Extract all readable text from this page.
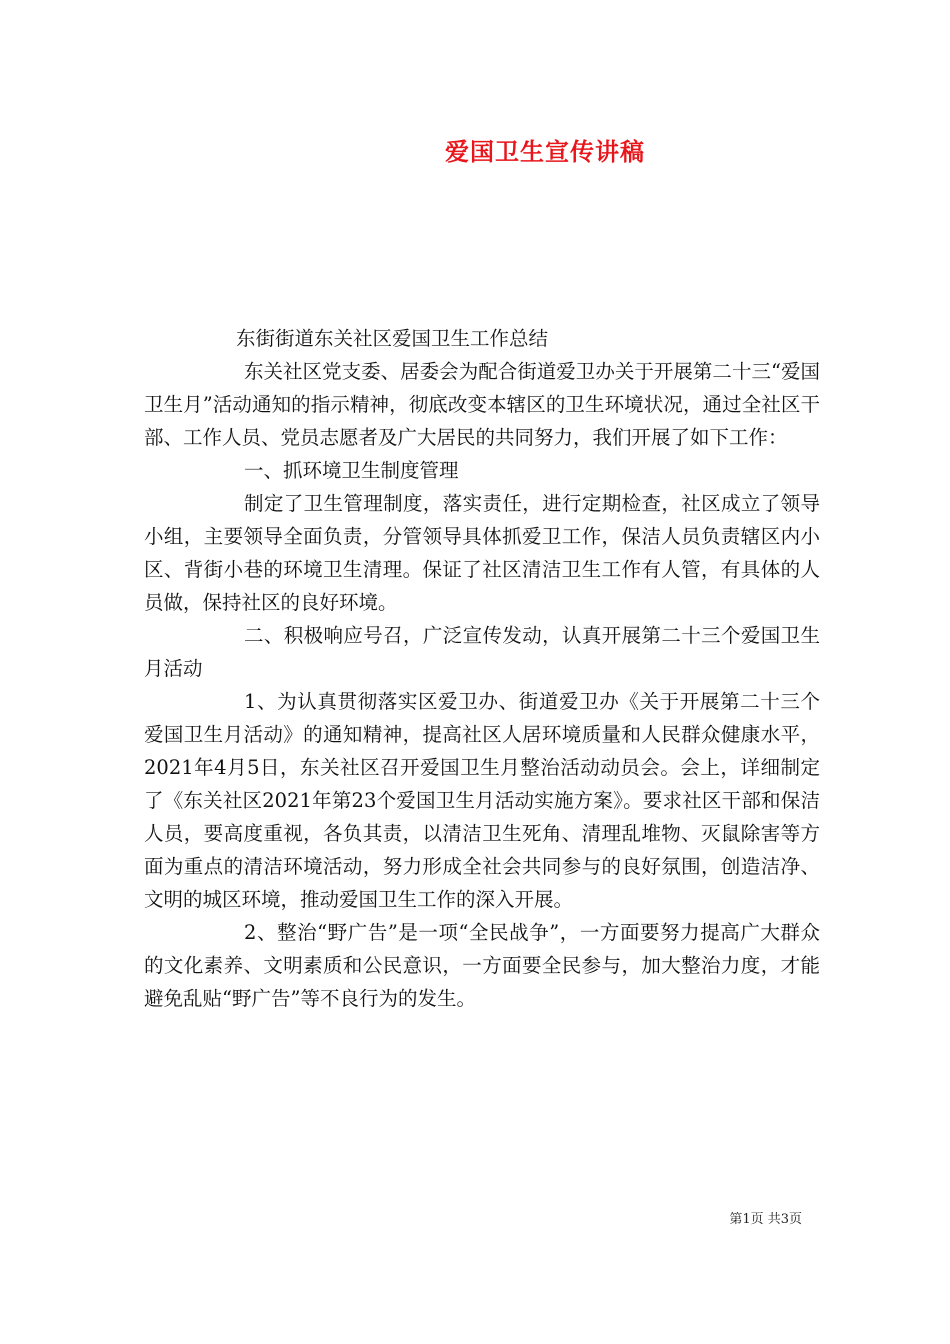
爱国卫生宣传讲稿

东街街道东关社区爱国卫生工作总结

东关社区党支委、居委会为配合街道爱卫办关于开展第二十三“爱国卫生月”活动通知的指示精神，彻底改变本辖区的卫生环境状况，通过全社区干部、工作人员、党员志愿者及广大居民的共同努力，我们开展了如下工作：

一、抓环境卫生制度管理

制定了卫生管理制度，落实责任，进行定期检查，社区成立了领导小组，主要领导全面负责，分管领导具体抓爱卫工作，保洁人员负责辖区内小区、背街小巷的环境卫生清理。保证了社区清洁卫生工作有人管，有具体的人员做，保持社区的良好环境。

二、积极响应号召，广泛宣传发动，认真开展第二十三个爱国卫生月活动

1、为认真贯彻落实区爱卫办、街道爱卫办《关于开展第二十三个爱国卫生月活动》的通知精神，提高社区人居环境质量和人民群众健康水平，2021年4月5日，东关社区召开爱国卫生月整治活动动员会。会上，详细制定了《东关社区2021年第23个爱国卫生月活动实施方案》。要求社区干部和保洁人员，要高度重视，各负其责，以清洁卫生死角、清理乱堆物、灭鼠除害等方面为重点的清洁环境活动，努力形成全社会共同参与的良好氛围，创造洁净、文明的城区环境，推动爱国卫生工作的深入开展。

2、整治“野广告”是一项“全民战争”，一方面要努力提高广大群众的文化素养、文明素质和公民意识，一方面要全民参与，加大整治力度，才能避免乱贴“野广告”等不良行为的发生。

第1页 共3页
